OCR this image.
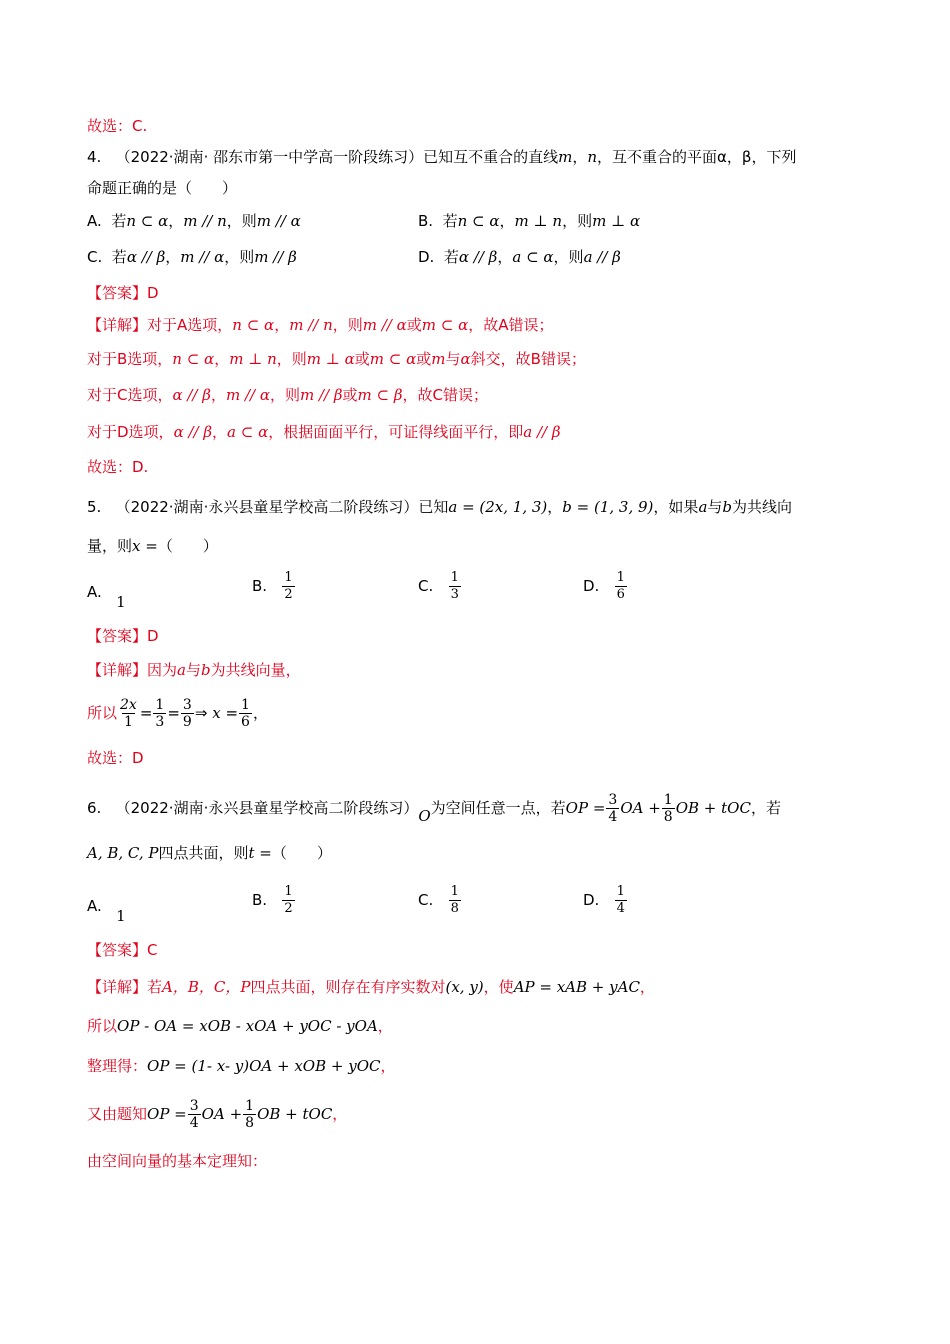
故选：C.
4. （2022·湖南· 邵东市第一中学高一阶段练习）已知互不重合的直线m，n，互不重合的平面α，β，下列
命题正确的是（　　）
A. 若n ⊂ α，m // n，则m // α	B. 若n ⊂ α，m ⊥ n，则m ⊥ α
C. 若α // β，m // α，则m // β	D. 若α // β，a ⊂ α，则a // β
【答案】D
【详解】对于A选项，n ⊂ α，m // n，则m // α或m ⊂ α，故A错误；
对于B选项，n ⊂ α，m ⊥ n，则m ⊥ α或m ⊂ α或m与α斜交，故B错误；
对于C选项，α // β，m // α，则m // β或m ⊂ β，故C错误；
对于D选项，α // β，a ⊂ α，根据面面平行，可证得线面平行，即a // β
故选：D.
5. （2022·湖南·永兴县童星学校高二阶段练习）已知a = (2x, 1, 3)，b = (1, 3, 9)，如果a与b为共线向
量，则x =（　　）
A.   1
B. $\frac{1}{2}$	C. $\frac{1}{3}$	D. $\frac{1}{6}$
【答案】D
【详解】因为a与b为共线向量，
所以 $\frac{2x}{1} = \frac{1}{3} = \frac{3}{9}$ ⇒ $x = \frac{1}{6}$ ，
故选：D
6. （2022·湖南·永兴县童星学校高二阶段练习）O为空间任意一点，若OP = $\frac{3}{4}$ OA + $\frac{1}{8}$ OB + tOC，若
A, B, C, P四点共面，则t =（　　）
A.   1
B. $\frac{1}{2}$	C. $\frac{1}{8}$	D. $\frac{1}{4}$
【答案】C
【详解】若A，B，C，P四点共面，则存在有序实数对(x, y)，使AP = xAB + yAC，
所以OP - OA = xOB - xOA + yOC - yOA，
整理得：OP = (1- x- y)OA + xOB + yOC，
又由题知OP = $\frac{3}{4}$ OA + $\frac{1}{8}$ OB + tOC，
由空间向量的基本定理知：
